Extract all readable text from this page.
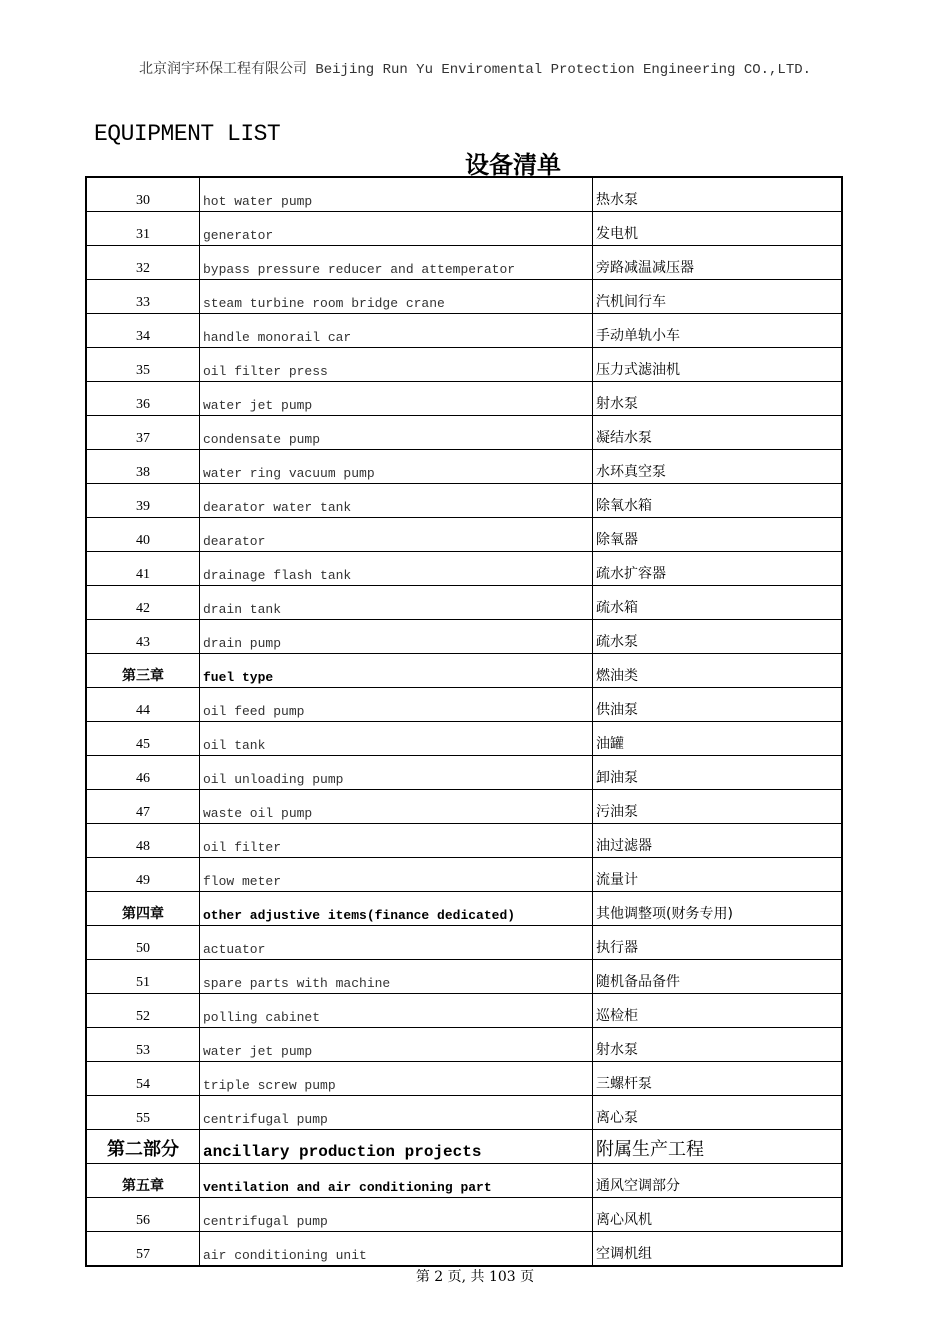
北京润宇环保工程有限公司 Beijing Run Yu Enviromental Protection Engineering CO.,LTD.
EQUIPMENT LIST
设备清单
30	hot water pump	热水泵
31	generator	发电机
32	bypass pressure reducer and attemperator	旁路减温减压器
33	steam turbine room bridge crane	汽机间行车
34	handle monorail car	手动单轨小车
35	oil filter press	压力式滤油机
36	water jet pump	射水泵
37	condensate pump	凝结水泵
38	water ring vacuum pump	水环真空泵
39	dearator water tank	除氧水箱
40	dearator	除氧器
41	drainage flash tank	疏水扩容器
42	drain tank	疏水箱
43	drain pump	疏水泵
第三章	fuel type	燃油类
44	oil feed pump	供油泵
45	oil tank	油罐
46	oil unloading pump	卸油泵
47	waste oil pump	污油泵
48	oil filter	油过滤器
49	flow meter	流量计
第四章	other adjustive items(finance dedicated)	其他调整项(财务专用)
50	actuator	执行器
51	spare parts with machine	随机备品备件
52	polling cabinet	巡检柜
53	water jet pump	射水泵
54	triple screw pump	三螺杆泵
55	centrifugal pump	离心泵
第二部分	ancillary production projects	附属生产工程
第五章	ventilation and air conditioning part	通风空调部分
56	centrifugal pump	离心风机
57	air conditioning unit	空调机组
第 2 页, 共 103 页
